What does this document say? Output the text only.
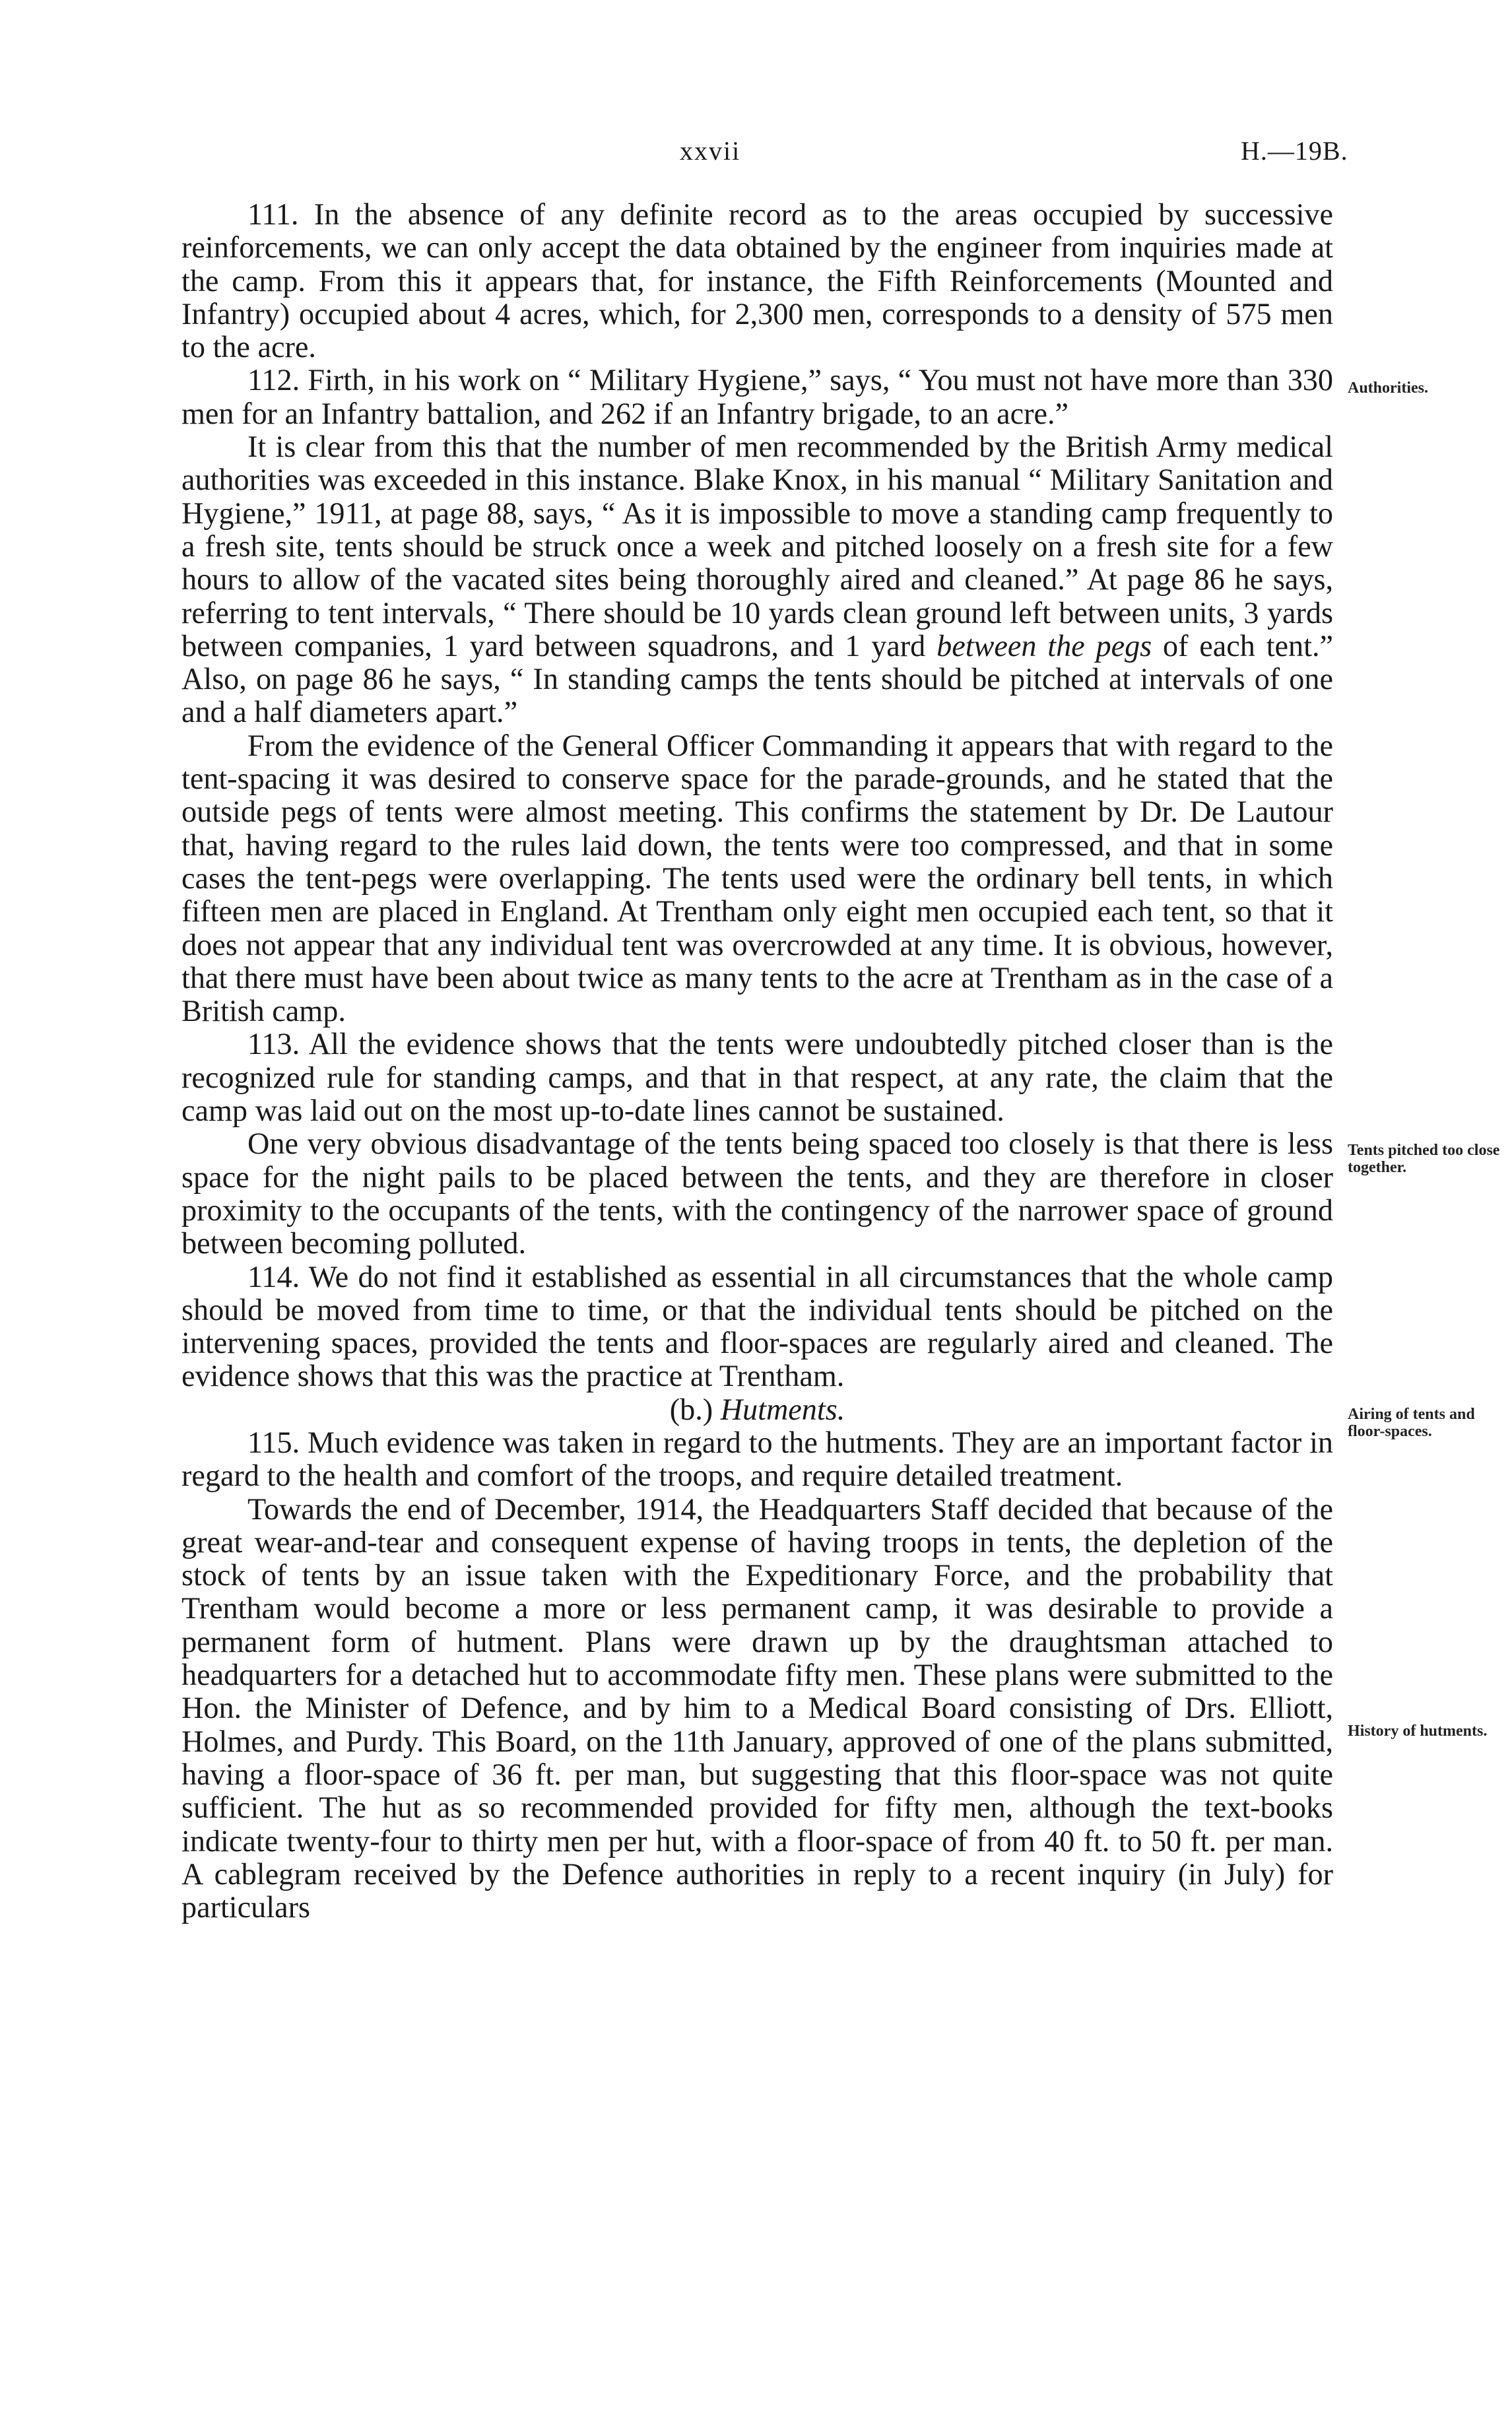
xxvii	H.—19B.

111. In the absence of any definite record as to the areas occupied by successive reinforcements, we can only accept the data obtained by the engineer from inquiries made at the camp. From this it appears that, for instance, the Fifth Reinforcements (Mounted and Infantry) occupied about 4 acres, which, for 2,300 men, corresponds to a density of 575 men to the acre.

112. Firth, in his work on “ Military Hygiene,” says, “ You must not have more than 330 men for an Infantry battalion, and 262 if an Infantry brigade, to an acre.”

It is clear from this that the number of men recommended by the British Army medical authorities was exceeded in this instance. Blake Knox, in his manual “ Military Sanitation and Hygiene,” 1911, at page 88, says, “ As it is impossible to move a standing camp frequently to a fresh site, tents should be struck once a week and pitched loosely on a fresh site for a few hours to allow of the vacated sites being thoroughly aired and cleaned.” At page 86 he says, referring to tent intervals, “ There should be 10 yards clean ground left between units, 3 yards between companies, 1 yard between squadrons, and 1 yard between the pegs of each tent.” Also, on page 86 he says, “ In standing camps the tents should be pitched at intervals of one and a half diameters apart.”

From the evidence of the General Officer Commanding it appears that with regard to the tent-spacing it was desired to conserve space for the parade-grounds, and he stated that the outside pegs of tents were almost meeting. This confirms the statement by Dr. De Lautour that, having regard to the rules laid down, the tents were too compressed, and that in some cases the tent-pegs were overlapping. The tents used were the ordinary bell tents, in which fifteen men are placed in England. At Trentham only eight men occupied each tent, so that it does not appear that any individual tent was overcrowded at any time. It is obvious, however, that there must have been about twice as many tents to the acre at Trentham as in the case of a British camp.

113. All the evidence shows that the tents were undoubtedly pitched closer than is the recognized rule for standing camps, and that in that respect, at any rate, the claim that the camp was laid out on the most up-to-date lines cannot be sustained.

One very obvious disadvantage of the tents being spaced too closely is that there is less space for the night pails to be placed between the tents, and they are therefore in closer proximity to the occupants of the tents, with the contingency of the narrower space of ground between becoming polluted.

114. We do not find it established as essential in all circumstances that the whole camp should be moved from time to time, or that the individual tents should be pitched on the intervening spaces, provided the tents and floor-spaces are regularly aired and cleaned. The evidence shows that this was the practice at Trentham.

(b.) Hutments.

115. Much evidence was taken in regard to the hutments. They are an important factor in regard to the health and comfort of the troops, and require detailed treatment.

Towards the end of December, 1914, the Headquarters Staff decided that because of the great wear-and-tear and consequent expense of having troops in tents, the depletion of the stock of tents by an issue taken with the Expeditionary Force, and the probability that Trentham would become a more or less permanent camp, it was desirable to provide a permanent form of hutment. Plans were drawn up by the draughtsman attached to headquarters for a detached hut to accommodate fifty men. These plans were submitted to the Hon. the Minister of Defence, and by him to a Medical Board consisting of Drs. Elliott, Holmes, and Purdy. This Board, on the 11th January, approved of one of the plans submitted, having a floor-space of 36 ft. per man, but suggesting that this floor-space was not quite sufficient. The hut as so recommended provided for fifty men, although the text-books indicate twenty-four to thirty men per hut, with a floor-space of from 40 ft. to 50 ft. per man. A cablegram received by the Defence authorities in reply to a recent inquiry (in July) for particulars

Authorities.
Tents pitched too close together.
Airing of tents and floor-spaces.
History of hutments.
